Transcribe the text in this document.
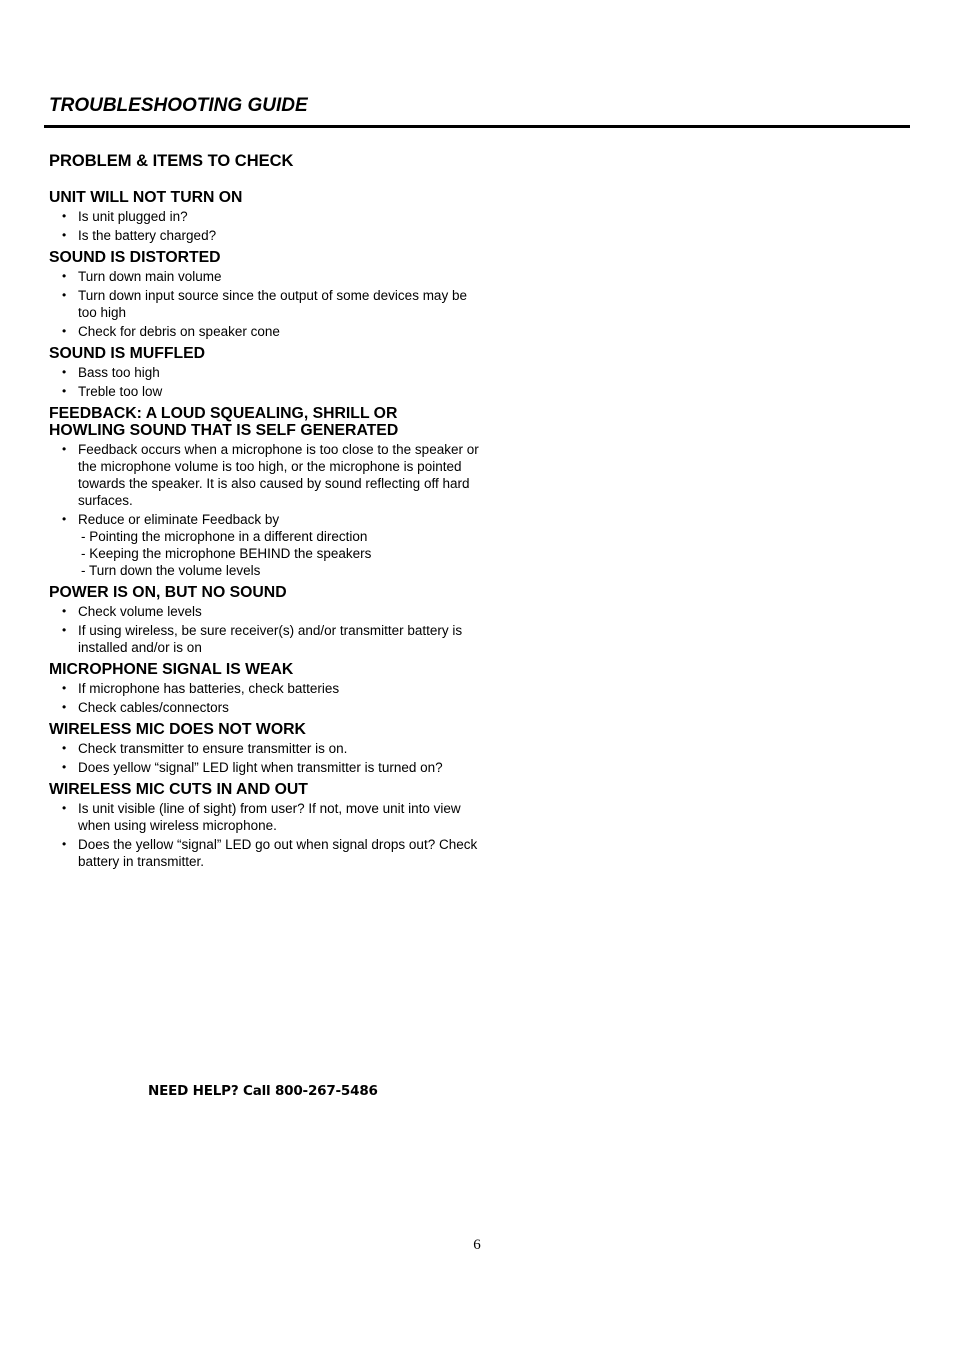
TROUBLESHOOTING GUIDE
PROBLEM & ITEMS TO CHECK
UNIT WILL NOT TURN ON
• Is unit plugged in?
• Is the battery charged?
SOUND IS DISTORTED
• Turn down main volume
• Turn down input source since the output of some devices may be too high
• Check for debris on speaker cone
SOUND IS MUFFLED
• Bass too high
• Treble too low
FEEDBACK: A LOUD SQUEALING, SHRILL OR HOWLING SOUND THAT IS SELF GENERATED
• Feedback occurs when a microphone is too close to the speaker or the microphone volume is too high, or the microphone is pointed towards the speaker. It is also caused by sound reflecting off hard surfaces.
• Reduce or eliminate Feedback by
- Pointing the microphone in a different direction
- Keeping the microphone BEHIND the speakers
- Turn down the volume levels
POWER IS ON, BUT NO SOUND
• Check volume levels
• If using wireless, be sure receiver(s) and/or transmitter battery is installed and/or is on
MICROPHONE SIGNAL IS WEAK
• If microphone has batteries, check batteries
• Check cables/connectors
WIRELESS MIC DOES NOT WORK
• Check transmitter to ensure transmitter is on.
• Does yellow “signal” LED light when transmitter is turned on?
WIRELESS MIC CUTS IN AND OUT
• Is unit visible (line of sight) from user? If not, move unit into view when using wireless microphone.
• Does the yellow “signal” LED go out when signal drops out? Check battery in transmitter.
NEED HELP? Call 800-267-5486
6
